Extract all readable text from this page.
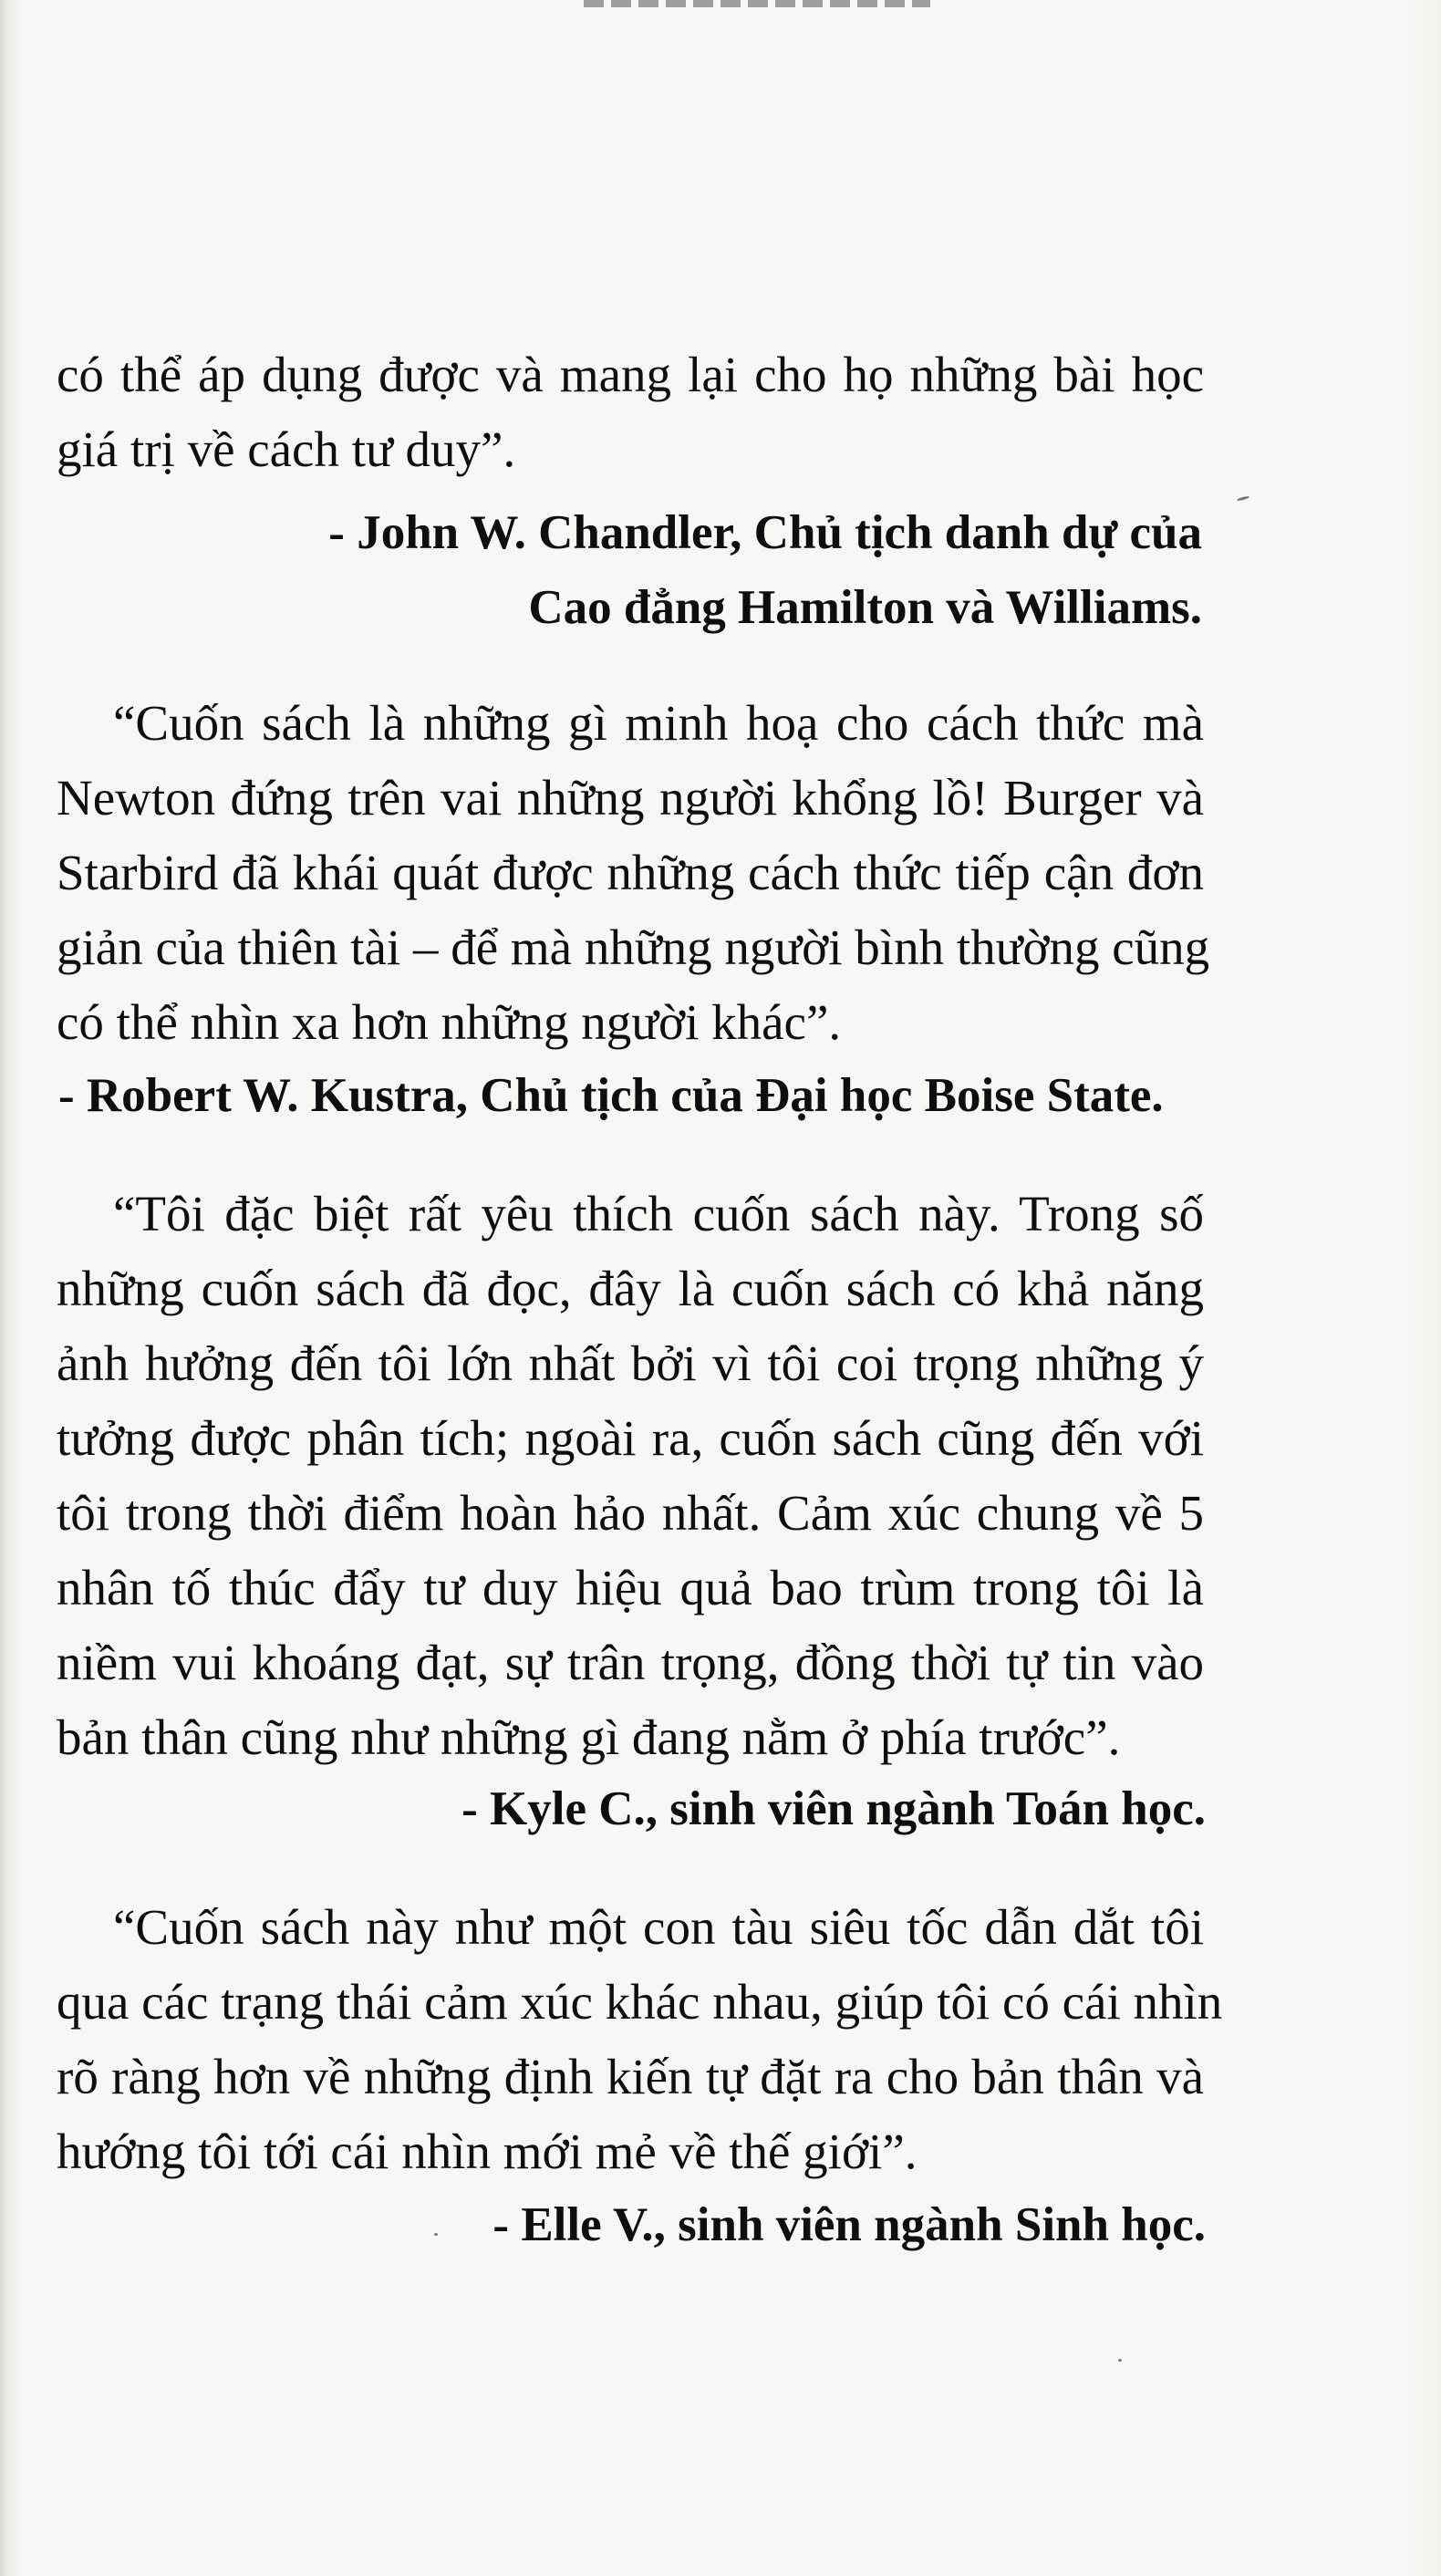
có thể áp dụng được và mang lại cho họ những bài học
giá trị về cách tư duy”.
- John W. Chandler, Chủ tịch danh dự của
Cao đẳng Hamilton và Williams.
“Cuốn sách là những gì minh hoạ cho cách thức mà
Newton đứng trên vai những người khổng lồ! Burger và
Starbird đã khái quát được những cách thức tiếp cận đơn
giản của thiên tài – để mà những người bình thường cũng
có thể nhìn xa hơn những người khác”.
- Robert W. Kustra, Chủ tịch của Đại học Boise State.
“Tôi đặc biệt rất yêu thích cuốn sách này. Trong số
những cuốn sách đã đọc, đây là cuốn sách có khả năng
ảnh hưởng đến tôi lớn nhất bởi vì tôi coi trọng những ý
tưởng được phân tích; ngoài ra, cuốn sách cũng đến với
tôi trong thời điểm hoàn hảo nhất. Cảm xúc chung về 5
nhân tố thúc đẩy tư duy hiệu quả bao trùm trong tôi là
niềm vui khoáng đạt, sự trân trọng, đồng thời tự tin vào
bản thân cũng như những gì đang nằm ở phía trước”.
- Kyle C., sinh viên ngành Toán học.
“Cuốn sách này như một con tàu siêu tốc dẫn dắt tôi
qua các trạng thái cảm xúc khác nhau, giúp tôi có cái nhìn
rõ ràng hơn về những định kiến tự đặt ra cho bản thân và
hướng tôi tới cái nhìn mới mẻ về thế giới”.
- Elle V., sinh viên ngành Sinh học.
